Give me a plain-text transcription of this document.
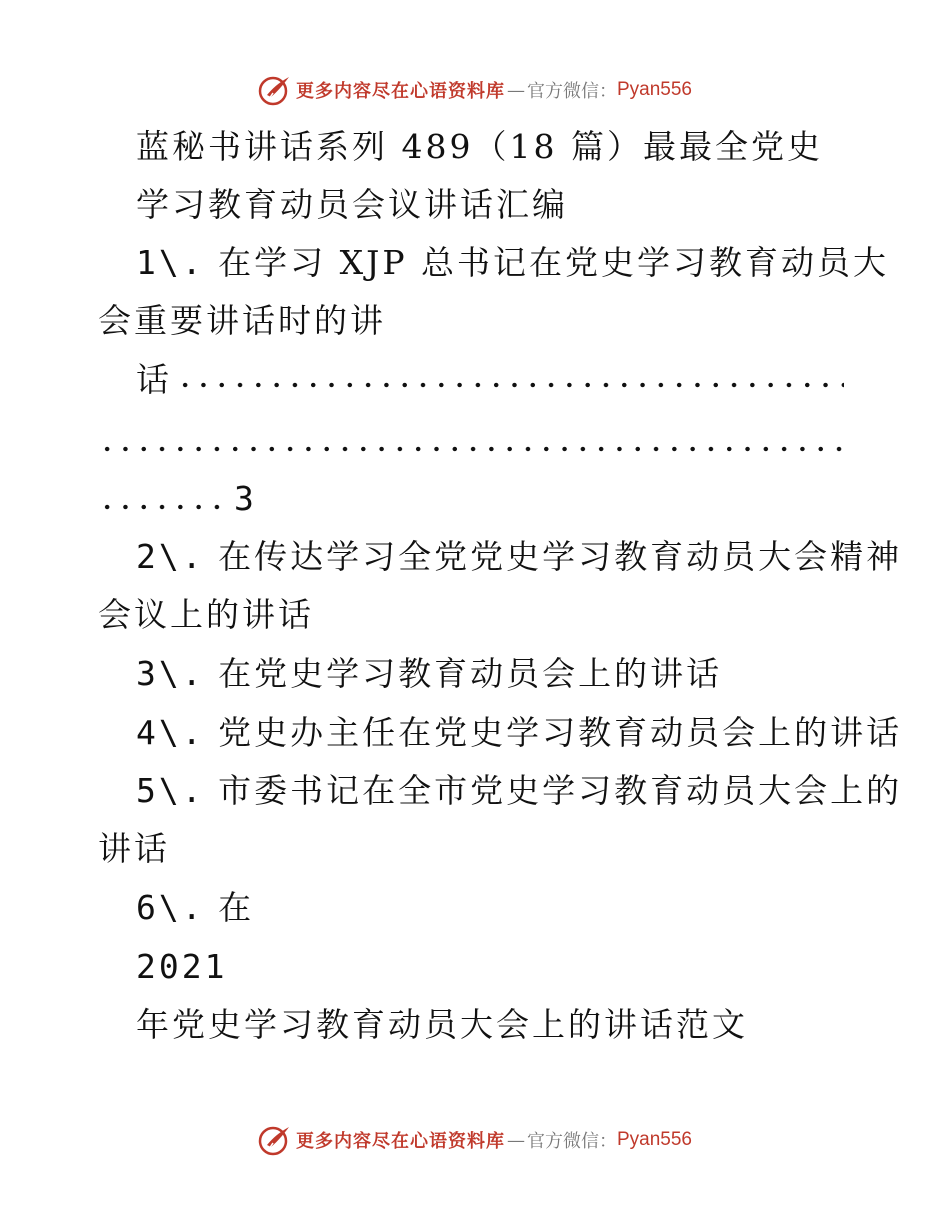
更多内容尽在心语资料库 — 官方微信： Pyan556
蓝秘书讲话系列 489（18 篇）最最全党史
学习教育动员会议讲话汇编
1\. 在学习 XJP 总书记在党史学习教育动员大
会重要讲话时的讲
话
3
2\. 在传达学习全党党史学习教育动员大会精神
会议上的讲话
3\. 在党史学习教育动员会上的讲话
4\. 党史办主任在党史学习教育动员会上的讲话
5\. 市委书记在全市党史学习教育动员大会上的
讲话
6\. 在
2021
年党史学习教育动员大会上的讲话范文
更多内容尽在心语资料库 — 官方微信： Pyan556
